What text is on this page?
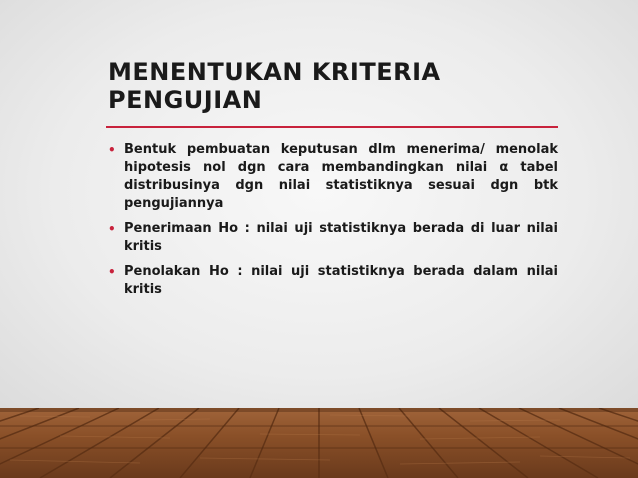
MENENTUKAN KRITERIA PENGUJIAN
• Bentuk pembuatan keputusan dlm menerima/ menolak hipotesis nol dgn cara membandingkan nilai α tabel distribusinya dgn nilai statistiknya sesuai dgn btk pengujiannya
• Penerimaan Ho : nilai uji statistiknya berada di luar nilai kritis
• Penolakan Ho : nilai uji statistiknya berada dalam nilai kritis
